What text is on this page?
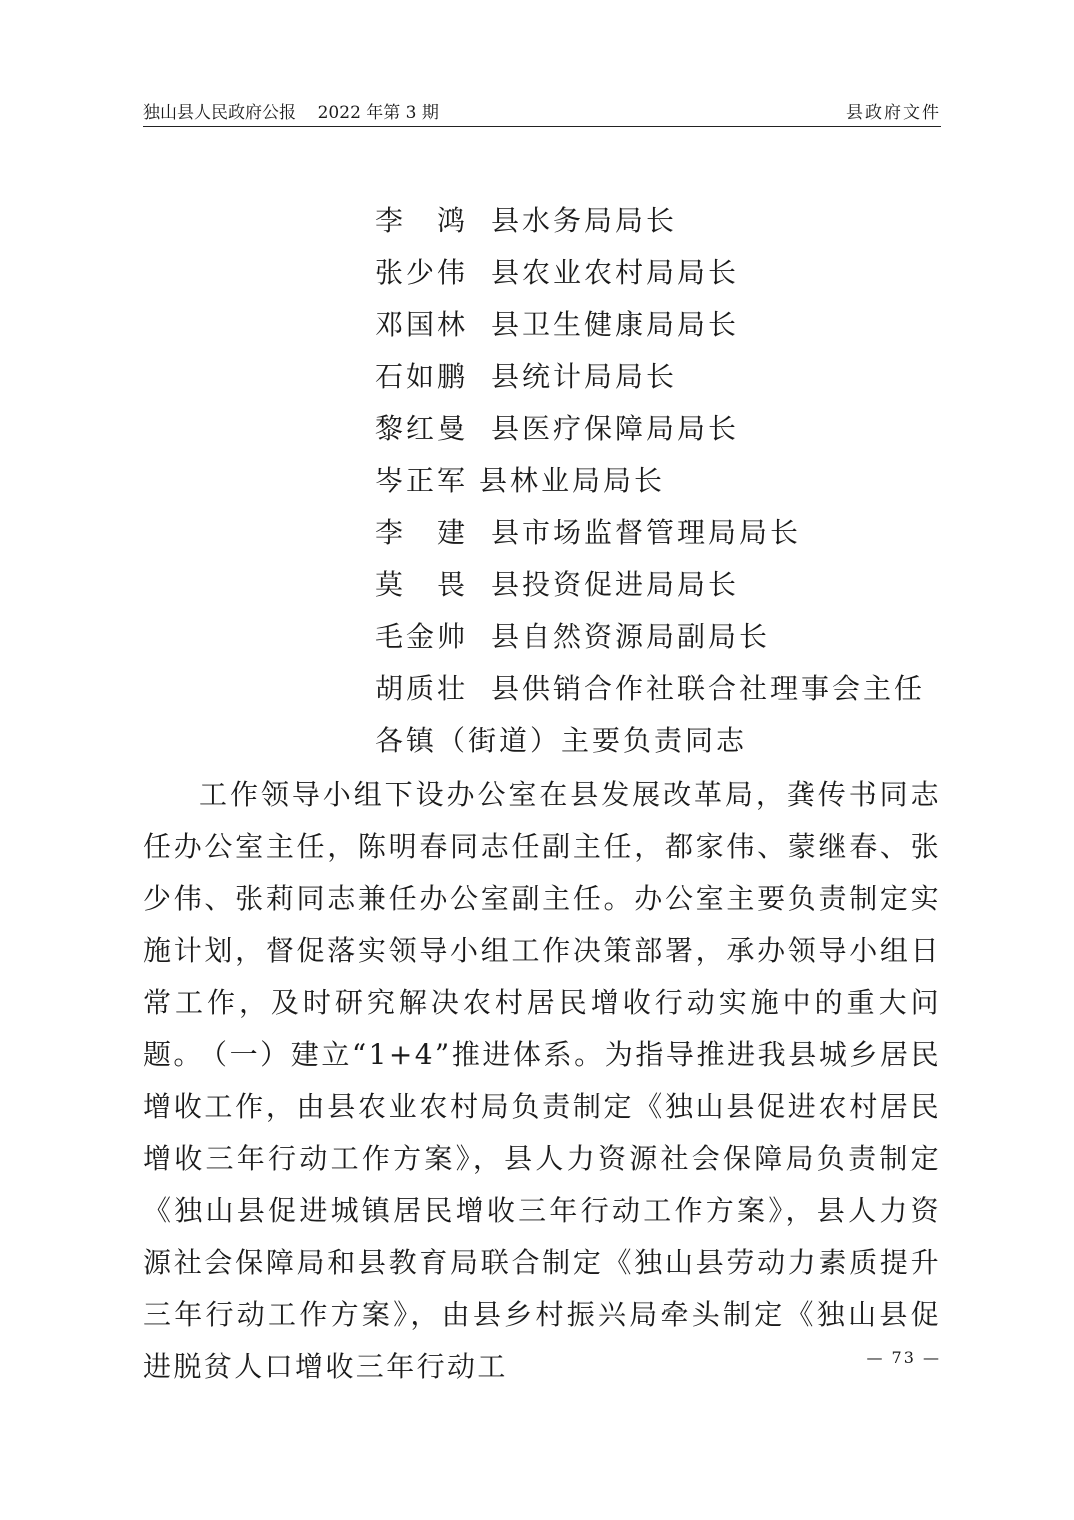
独山县人民政府公报    2022 年第 3 期	县政府文件
李　鸿 县水务局局长
张少伟 县农业农村局局长
邓国林 县卫生健康局局长
石如鹏 县统计局局长
黎红曼 县医疗保障局局长
岑正军 县林业局局长
李　建 县市场监督管理局局长
莫　畏 县投资促进局局长
毛金帅 县自然资源局副局长
胡质壮 县供销合作社联合社理事会主任
各镇（街道）主要负责同志

工作领导小组下设办公室在县发展改革局，龚传书同志任办公室主任，陈明春同志任副主任，都家伟、蒙继春、张少伟、张莉同志兼任办公室副主任。办公室主要负责制定实施计划，督促落实领导小组工作决策部署，承办领导小组日常工作，及时研究解决农村居民增收行动实施中的重大问题。

（一）建立“1+4”推进体系。为指导推进我县城乡居民增收工作，由县农业农村局负责制定《独山县促进农村居民增收三年行动工作方案》，县人力资源社会保障局负责制定《独山县促进城镇居民增收三年行动工作方案》，县人力资源社会保障局和县教育局联合制定《独山县劳动力素质提升三年行动工作方案》，由县乡村振兴局牵头制定《独山县促进脱贫人口增收三年行动工	— 73 —
